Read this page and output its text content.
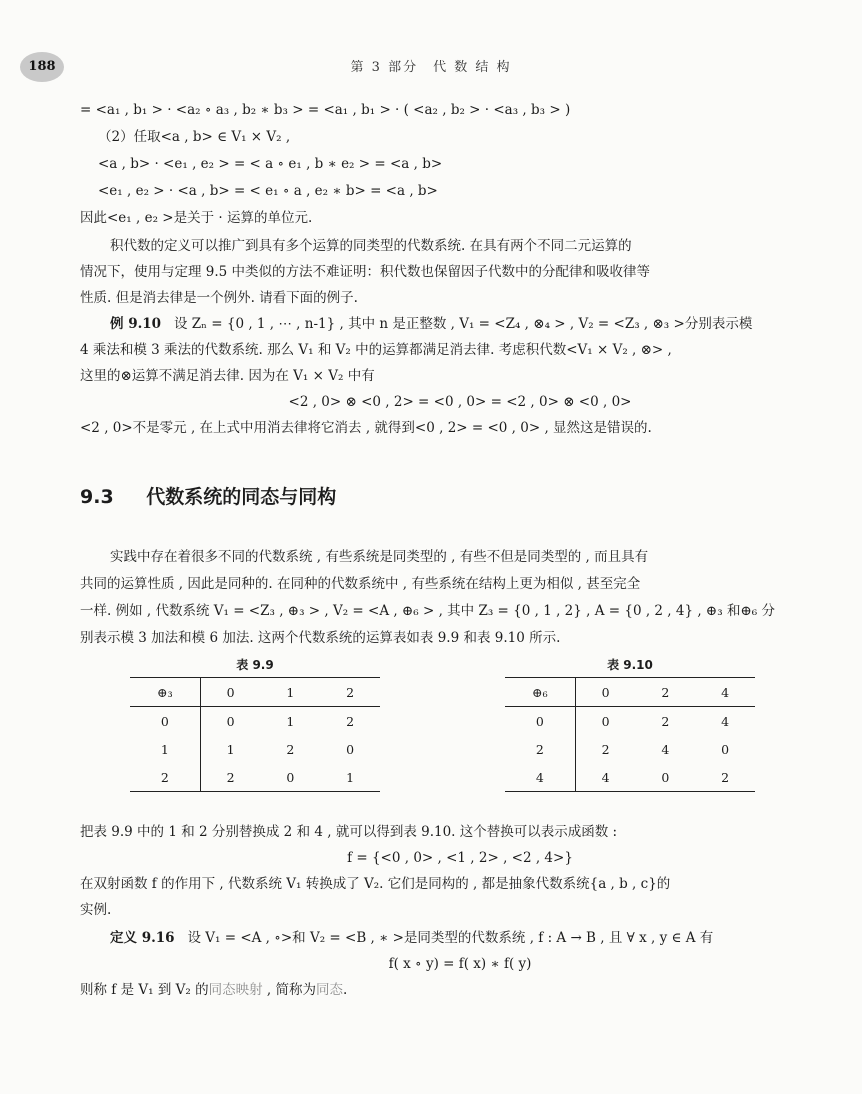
188	第 3 部分　代 数 结 构
= <a₁ , b₁ > · <a₂ ∘ a₃ , b₂ ∗ b₃ > = <a₁ , b₁ > · ( <a₂ , b₂ > · <a₃ , b₃ > )
（2）任取<a , b> ∈ V₁ × V₂ ,
<a , b> · <e₁ , e₂ > = < a ∘ e₁ , b ∗ e₂ > = <a , b>
<e₁ , e₂ > · <a , b> = < e₁ ∘ a , e₂ ∗ b> = <a , b>
因此<e₁ , e₂ >是关于 · 运算的单位元.
积代数的定义可以推广到具有多个运算的同类型的代数系统. 在具有两个不同二元运算的
情况下，使用与定理 9.5 中类似的方法不难证明：积代数也保留因子代数中的分配律和吸收律等
性质. 但是消去律是一个例外. 请看下面的例子.
例 9.10 设 Zₙ = {0 , 1 , ⋯ , n-1} , 其中 n 是正整数 , V₁ = <Z₄ , ⊗₄ > , V₂ = <Z₃ , ⊗₃ >分别表示模
4 乘法和模 3 乘法的代数系统. 那么 V₁ 和 V₂ 中的运算都满足消去律. 考虑积代数<V₁ × V₂ , ⊗> ,
这里的⊗运算不满足消去律. 因为在 V₁ × V₂ 中有
<2 , 0> ⊗ <0 , 2> = <0 , 0> = <2 , 0> ⊗ <0 , 0>
<2 , 0>不是零元 , 在上式中用消去律将它消去 , 就得到<0 , 2> = <0 , 0> , 显然这是错误的.
9.3 代数系统的同态与同构
实践中存在着很多不同的代数系统 , 有些系统是同类型的 , 有些不但是同类型的 , 而且具有
共同的运算性质 , 因此是同种的. 在同种的代数系统中 , 有些系统在结构上更为相似 , 甚至完全
一样. 例如 , 代数系统 V₁ = <Z₃ , ⊕₃ > , V₂ = <A , ⊕₆ > , 其中 Z₃ = {0 , 1 , 2} , A = {0 , 2 , 4} , ⊕₃ 和⊕₆ 分
别表示模 3 加法和模 6 加法. 这两个代数系统的运算表如表 9.9 和表 9.10 所示.
表 9.9
⊕₃	0	1	2
0	0	1	2
1	1	2	0
2	2	0	1
表 9.10
⊕₆	0	2	4
0	0	2	4
2	2	4	0
4	4	0	2
把表 9.9 中的 1 和 2 分别替换成 2 和 4 , 就可以得到表 9.10. 这个替换可以表示成函数 :
f = {<0 , 0> , <1 , 2> , <2 , 4>}
在双射函数 f 的作用下 , 代数系统 V₁ 转换成了 V₂. 它们是同构的 , 都是抽象代数系统{a , b , c}的
实例.
定义 9.16 设 V₁ = <A , ∘>和 V₂ = <B , ∗ >是同类型的代数系统 , f : A → B , 且 ∀ x , y ∈ A 有
f( x ∘ y) = f( x) ∗ f( y)
则称 f 是 V₁ 到 V₂ 的同态映射 , 简称为同态.
